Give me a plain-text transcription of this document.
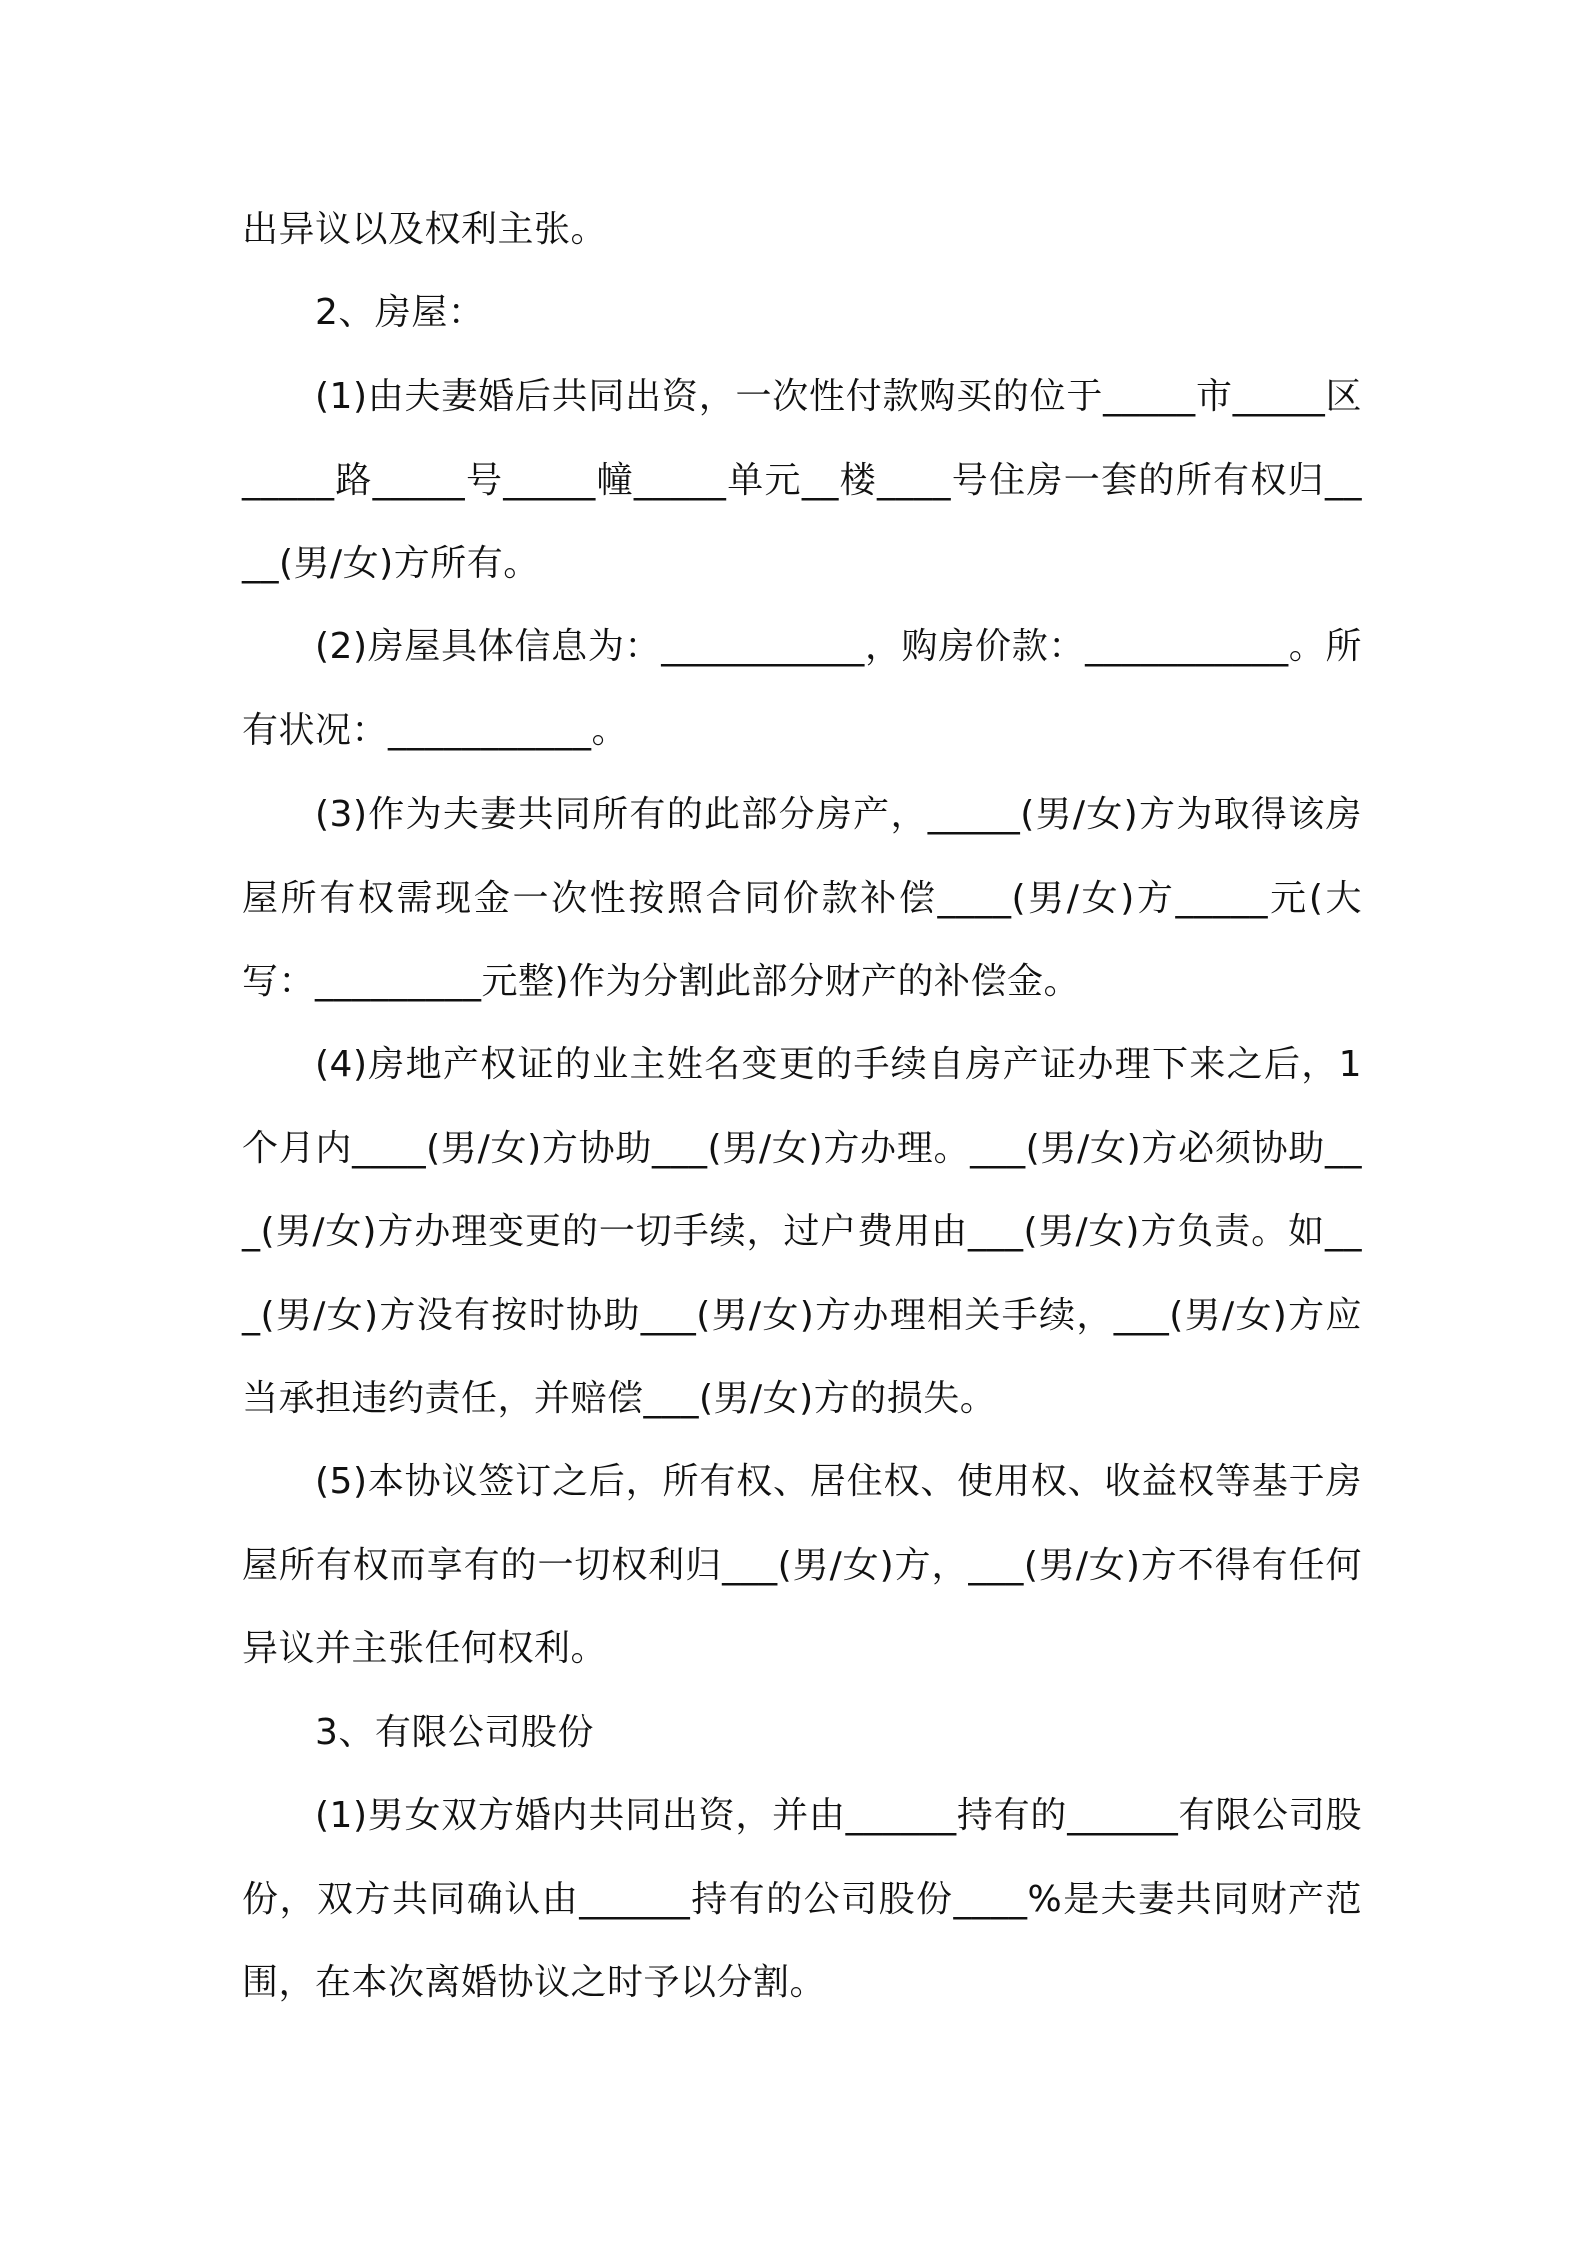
出异议以及权利主张。

2、房屋：

(1)由夫妻婚后共同出资，一次性付款购买的位于_____市_____区_____路_____号_____幢_____单元__楼____号住房一套的所有权归____(男/女)方所有。

(2)房屋具体信息为：___________，购房价款：___________。所有状况：___________。

(3)作为夫妻共同所有的此部分房产，_____(男/女)方为取得该房屋所有权需现金一次性按照合同价款补偿____(男/女)方_____元(大写：_________元整)作为分割此部分财产的补偿金。

(4)房地产权证的业主姓名变更的手续自房产证办理下来之后，1个月内____(男/女)方协助___(男/女)方办理。___(男/女)方必须协助___(男/女)方办理变更的一切手续，过户费用由___(男/女)方负责。如___(男/女)方没有按时协助___(男/女)方办理相关手续，___(男/女)方应当承担违约责任，并赔偿___(男/女)方的损失。

(5)本协议签订之后，所有权、居住权、使用权、收益权等基于房屋所有权而享有的一切权利归___(男/女)方，___(男/女)方不得有任何异议并主张任何权利。

3、有限公司股份

(1)男女双方婚内共同出资，并由______持有的______有限公司股份，双方共同确认由______持有的公司股份____%是夫妻共同财产范围，在本次离婚协议之时予以分割。
